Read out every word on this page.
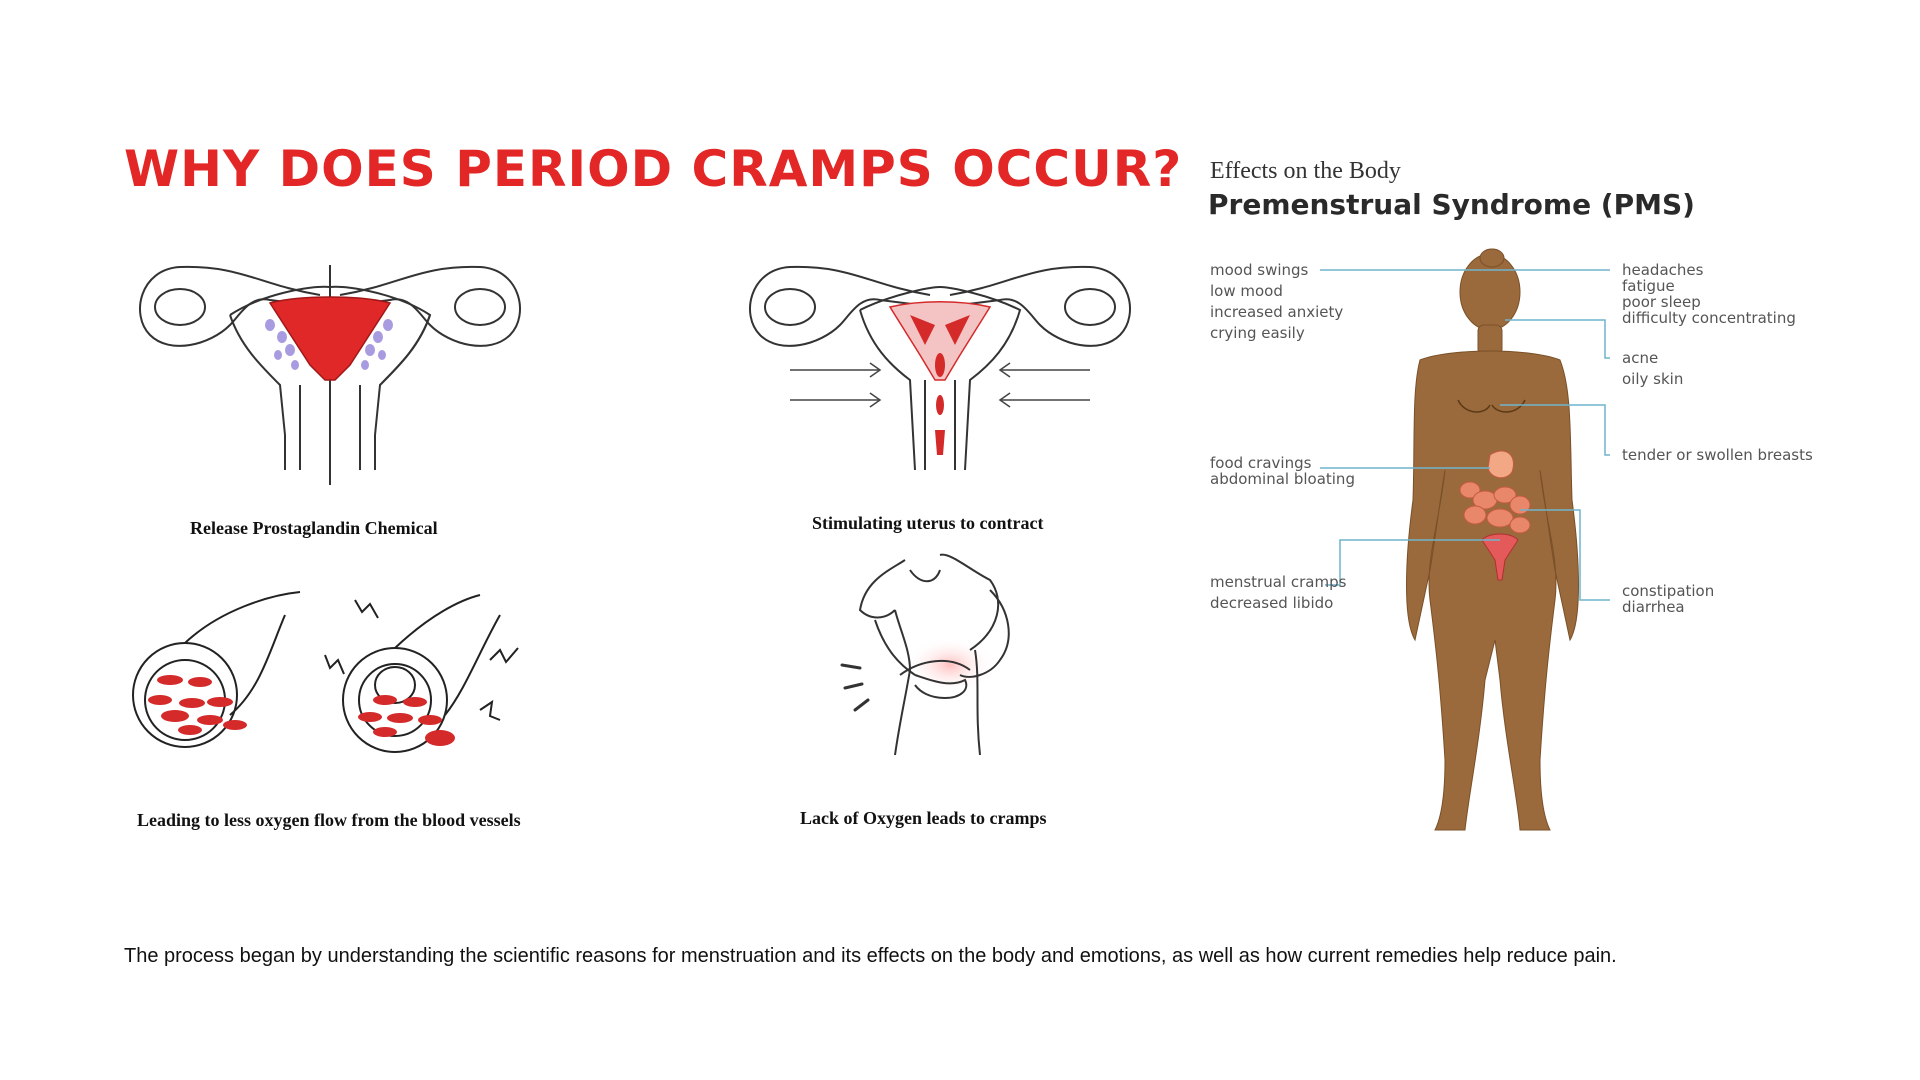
WHY DOES PERIOD CRAMPS OCCUR?
Release Prostaglandin Chemical	Stimulating uterus to contract
Leading to less oxygen flow from the blood vessels	Lack of Oxygen leads to cramps
Effects on the Body
Premenstrual Syndrome (PMS)
mood swings
low mood
increased anxiety
crying easily
headaches
fatigue
poor sleep
difficulty concentrating
acne
oily skin
tender or swollen breasts
food cravings
abdominal bloating
menstrual cramps
decreased libido
constipation
diarrhea

The process began by understanding the scientific reasons for menstruation and its effects on the body and emotions, as well as how current remedies help reduce pain.
